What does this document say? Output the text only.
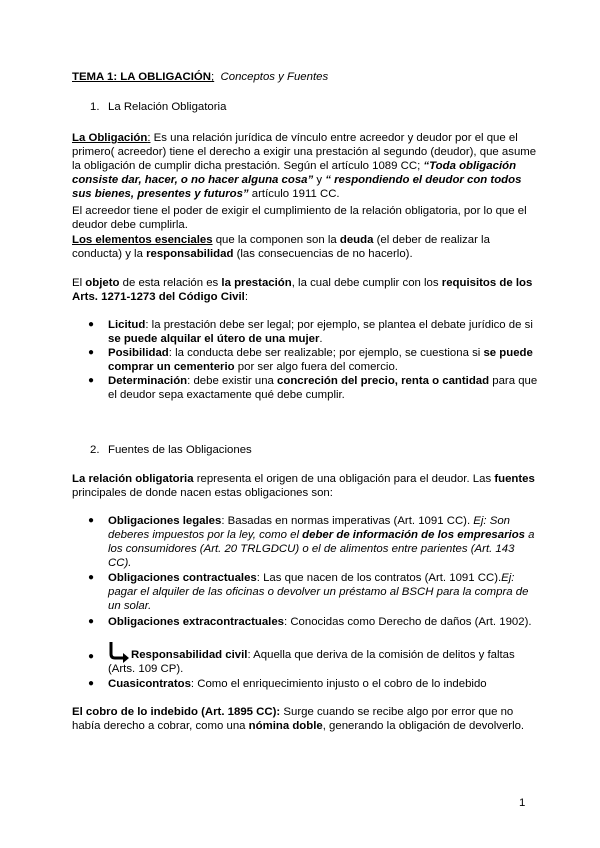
TEMA 1: LA OBLIGACIÓN; Conceptos y Fuentes
1. La Relación Obligatoria
La Obligación: Es una relación jurídica de vínculo entre acreedor y deudor por el que el
primero( acreedor) tiene el derecho a exigir una prestación al segundo (deudor), que asume
la obligación de cumplir dicha prestación. Según el artículo 1089 CC; “Toda obligación
consiste dar, hacer, o no hacer alguna cosa” y “ respondiendo el deudor con todos
sus bienes, presentes y futuros” artículo 1911 CC.
El acreedor tiene el poder de exigir el cumplimiento de la relación obligatoria, por lo que el
deudor debe cumplirla.
Los elementos esenciales que la componen son la deuda (el deber de realizar la
conducta) y la responsabilidad (las consecuencias de no hacerlo).
El objeto de esta relación es la prestación, la cual debe cumplir con los requisitos de los
Arts. 1271-1273 del Código Civil:
● Licitud: la prestación debe ser legal; por ejemplo, se plantea el debate jurídico de si
se puede alquilar el útero de una mujer.
● Posibilidad: la conducta debe ser realizable; por ejemplo, se cuestiona si se puede
comprar un cementerio por ser algo fuera del comercio.
● Determinación: debe existir una concreción del precio, renta o cantidad para que
el deudor sepa exactamente qué debe cumplir.
2. Fuentes de las Obligaciones
La relación obligatoria representa el origen de una obligación para el deudor. Las fuentes
principales de donde nacen estas obligaciones son:
● Obligaciones legales: Basadas en normas imperativas (Art. 1091 CC). Ej: Son
deberes impuestos por la ley, como el deber de información de los empresarios a
los consumidores (Art. 20 TRLGDCU) o el de alimentos entre parientes (Art. 143
CC).
● Obligaciones contractuales: Las que nacen de los contratos (Art. 1091 CC).Ej:
pagar el alquiler de las oficinas o devolver un préstamo al BSCH para la compra de
un solar.
● Obligaciones extracontractuales: Conocidas como Derecho de daños (Art. 1902).
●	Responsabilidad civil: Aquella que deriva de la comisión de delitos y faltas
(Arts. 109 CP).
● Cuasicontratos: Como el enriquecimiento injusto o el cobro de lo indebido
El cobro de lo indebido (Art. 1895 CC): Surge cuando se recibe algo por error que no
había derecho a cobrar, como una nómina doble, generando la obligación de devolverlo.
1
